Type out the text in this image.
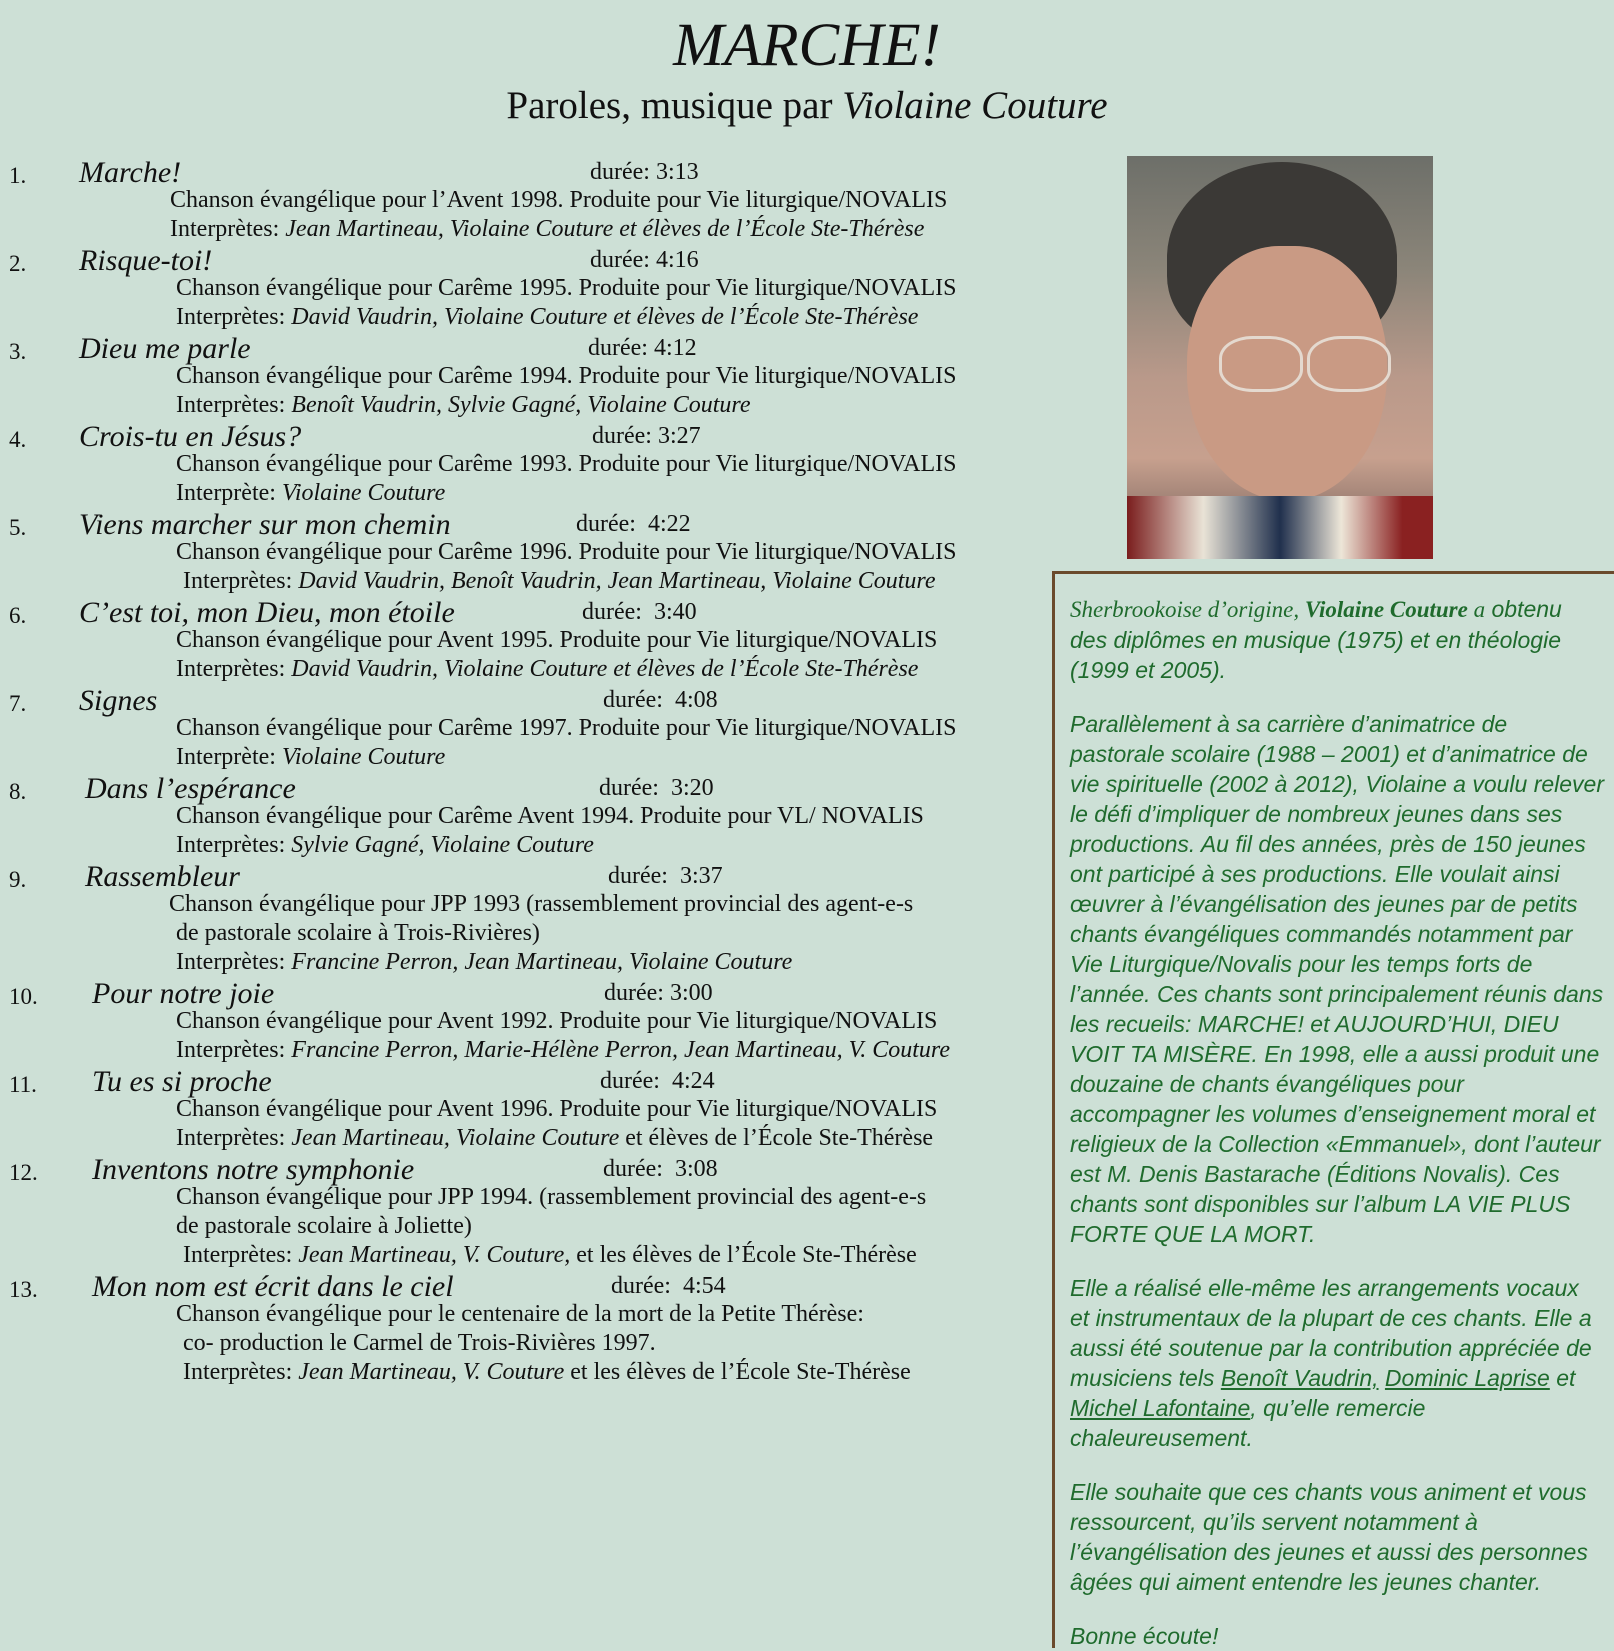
MARCHE!
Paroles, musique par Violaine Couture
1. Marche!	durée: 3:13
Chanson évangélique pour l’Avent 1998. Produite pour Vie liturgique/NOVALIS
Interprètes: Jean Martineau, Violaine Couture et élèves de l’École Ste-Thérèse
2. Risque-toi!	durée: 4:16
Chanson évangélique pour Carême 1995. Produite pour Vie liturgique/NOVALIS
Interprètes: David Vaudrin, Violaine Couture et élèves de l’École Ste-Thérèse
3. Dieu me parle	durée: 4:12
Chanson évangélique pour Carême 1994. Produite pour Vie liturgique/NOVALIS
Interprètes: Benoît Vaudrin, Sylvie Gagné, Violaine Couture
4. Crois-tu en Jésus?	durée: 3:27
Chanson évangélique pour Carême 1993. Produite pour Vie liturgique/NOVALIS
Interprète: Violaine Couture
5. Viens marcher sur mon chemin	durée:  4:22
Chanson évangélique pour Carême 1996. Produite pour Vie liturgique/NOVALIS
Interprètes: David Vaudrin, Benoît Vaudrin, Jean Martineau, Violaine Couture
6. C’est toi, mon Dieu, mon étoile	durée:  3:40
Chanson évangélique pour Avent 1995. Produite pour Vie liturgique/NOVALIS
Interprètes: David Vaudrin, Violaine Couture et élèves de l’École Ste-Thérèse
7. Signes	durée:  4:08
Chanson évangélique pour Carême 1997. Produite pour Vie liturgique/NOVALIS
Interprète: Violaine Couture
8. Dans l’espérance	durée:  3:20
Chanson évangélique pour Carême Avent 1994. Produite pour VL/ NOVALIS
Interprètes: Sylvie Gagné, Violaine Couture
9. Rassembleur	durée:  3:37
Chanson évangélique pour JPP 1993 (rassemblement provincial des agent-e-s
de pastorale scolaire à Trois-Rivières)
Interprètes: Francine Perron, Jean Martineau, Violaine Couture
10. Pour notre joie	durée: 3:00
Chanson évangélique pour Avent 1992. Produite pour Vie liturgique/NOVALIS
Interprètes: Francine Perron, Marie-Hélène Perron, Jean Martineau, V. Couture
11. Tu es si proche	durée:  4:24
Chanson évangélique pour Avent 1996. Produite pour Vie liturgique/NOVALIS
Interprètes: Jean Martineau, Violaine Couture et élèves de l’École Ste-Thérèse
12. Inventons notre symphonie	durée:  3:08
Chanson évangélique pour JPP 1994. (rassemblement provincial des agent-e-s
de pastorale scolaire à Joliette)
Interprètes: Jean Martineau, V. Couture, et les élèves de l’École Ste-Thérèse
13. Mon nom est écrit dans le ciel	durée:  4:54
Chanson évangélique pour le centenaire de la mort de la Petite Thérèse:
co- production le Carmel de Trois-Rivières 1997.
Interprètes: Jean Martineau, V. Couture et les élèves de l’École Ste-Thérèse

Sherbrookoise d’origine, Violaine Couture a obtenu des diplômes en musique (1975) et en théologie (1999 et 2005).

Parallèlement à sa carrière d’animatrice de pastorale scolaire (1988 – 2001) et d’animatrice de vie spirituelle (2002 à 2012), Violaine a voulu relever le défi d’impliquer de nombreux jeunes dans ses productions. Au fil des années, près de 150 jeunes ont participé à ses productions. Elle voulait ainsi œuvrer à l’évangélisation des jeunes par de petits chants évangéliques commandés notamment par Vie Liturgique/Novalis pour les temps forts de l’année. Ces chants sont principalement réunis dans les recueils: MARCHE! et AUJOURD’HUI, DIEU VOIT TA MISÈRE. En 1998, elle a aussi produit une douzaine de chants évangéliques pour accompagner les volumes d’enseignement moral et religieux de la Collection «Emmanuel», dont l’auteur est M. Denis Bastarache (Éditions Novalis). Ces chants sont disponibles sur l’album LA VIE PLUS FORTE QUE LA MORT.

Elle a réalisé elle-même les arrangements vocaux et instrumentaux de la plupart de ces chants. Elle a aussi été soutenue par la contribution appréciée de musiciens tels Benoît Vaudrin, Dominic Laprise et Michel Lafontaine, qu’elle remercie chaleureusement.

Elle souhaite que ces chants vous animent et vous ressourcent, qu’ils servent notamment à l’évangélisation des jeunes et aussi des personnes âgées qui aiment entendre les jeunes chanter.

Bonne écoute!
